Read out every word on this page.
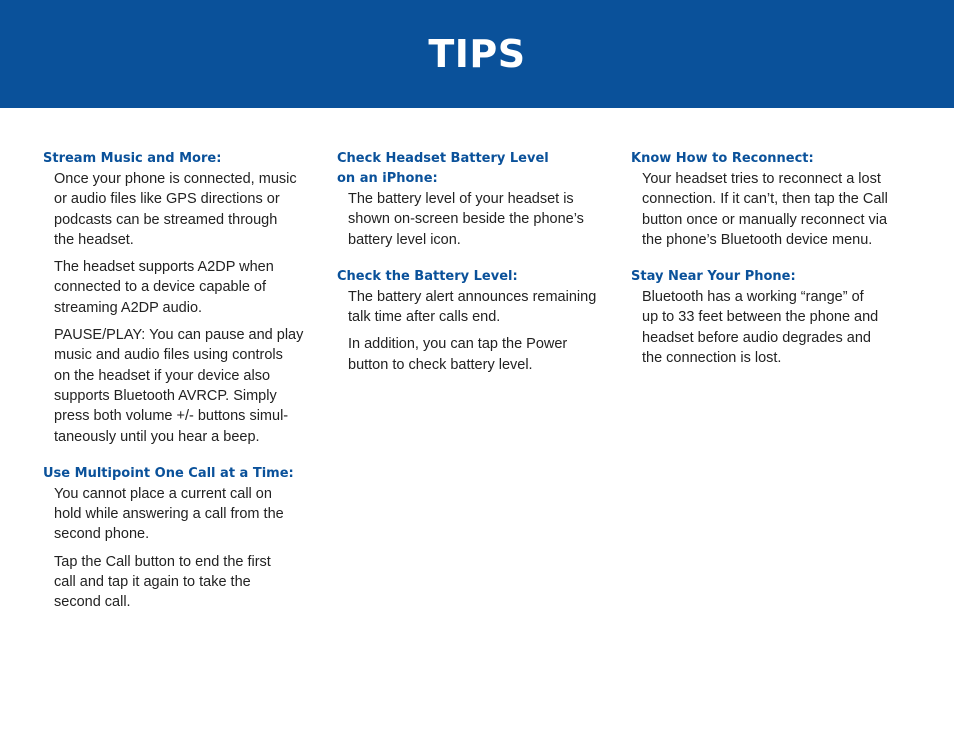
TIPS
Stream Music and More:

Once your phone is connected, music
or audio files like GPS directions or
podcasts can be streamed through
the headset.

The headset supports A2DP when
connected to a device capable of
streaming A2DP audio.

PAUSE/PLAY: You can pause and play
music and audio files using controls
on the headset if your device also
supports Bluetooth AVRCP. Simply
press both volume +/- buttons simul-
taneously until you hear a beep.

Use Multipoint One Call at a Time:

You cannot place a current call on
hold while answering a call from the
second phone.

Tap the Call button to end the first
call and tap it again to take the
second call.

Check Headset Battery Level
on an iPhone:

The battery level of your headset is
shown on-screen beside the phone’s
battery level icon.

Check the Battery Level:

The battery alert announces remaining
talk time after calls end.

In addition, you can tap the Power
button to check battery level.

Know How to Reconnect:

Your headset tries to reconnect a lost
connection. If it can’t, then tap the Call
button once or manually reconnect via
the phone’s Bluetooth device menu.

Stay Near Your Phone:

Bluetooth has a working “range” of
up to 33 feet between the phone and
headset before audio degrades and
the connection is lost.
